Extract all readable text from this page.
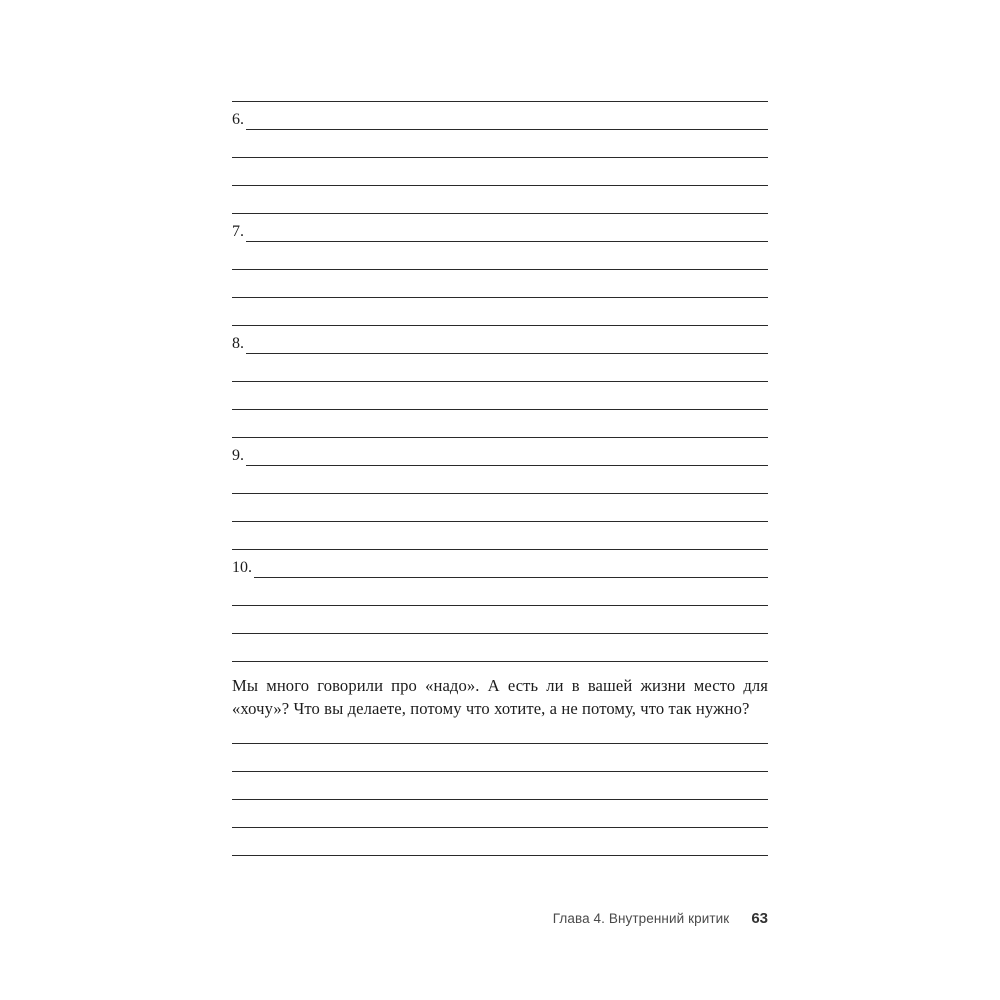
6.
7.
8.
9.
10.

Мы много говорили про «надо». А есть ли в вашей жизни место для «хочу»? Что вы делаете, потому что хотите, а не потому, что так нужно?

Глава 4. Внутренний критик 63
